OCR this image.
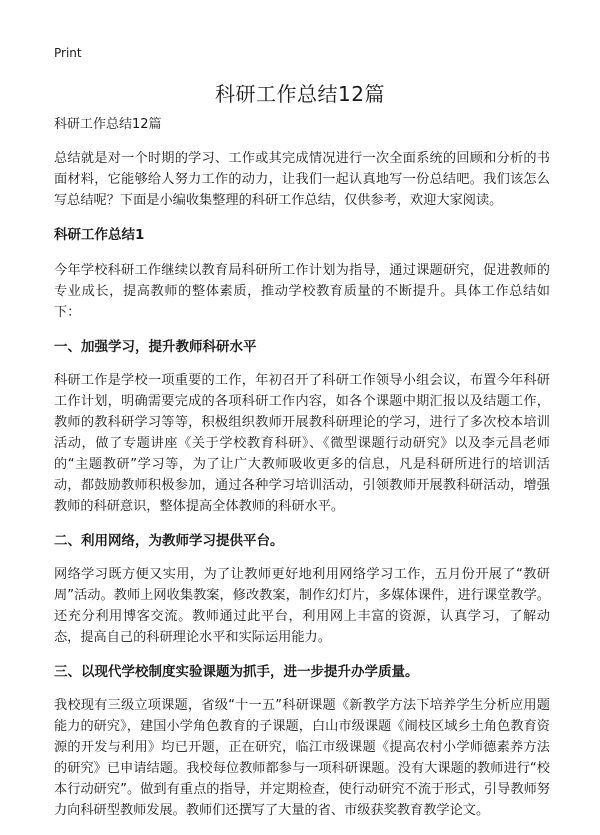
Print
科研工作总结12篇

科研工作总结12篇

总结就是对一个时期的学习、工作或其完成情况进行一次全面系统的回顾和分析的书面材料，它能够给人努力工作的动力，让我们一起认真地写一份总结吧。我们该怎么写总结呢？下面是小编收集整理的科研工作总结，仅供参考，欢迎大家阅读。

科研工作总结1

今年学校科研工作继续以教育局科研所工作计划为指导，通过课题研究，促进教师的专业成长，提高教师的整体素质，推动学校教育质量的不断提升。具体工作总结如下：

一、加强学习，提升教师科研水平

科研工作是学校一项重要的工作，年初召开了科研工作领导小组会议，布置今年科研工作计划，明确需要完成的各项科研工作内容，如各个课题中期汇报以及结题工作，教师的教科研学习等等，积极组织教师开展教科研理论的学习，进行了多次校本培训活动，做了专题讲座《关于学校教育科研》、《微型课题行动研究》以及李元昌老师的“主题教研”学习等，为了让广大教师吸收更多的信息，凡是科研所进行的培训活动，都鼓励教师积极参加，通过各种学习培训活动，引领教师开展教科研活动，增强教师的科研意识，整体提高全体教师的科研水平。

二、利用网络，为教师学习提供平台。

网络学习既方便又实用，为了让教师更好地利用网络学习工作，五月份开展了“教研周”活动。教师上网收集教案，修改教案，制作幻灯片，多媒体课件，进行课堂教学。还充分利用博客交流。教师通过此平台，利用网上丰富的资源，认真学习，了解动态，提高自己的科研理论水平和实际运用能力。

三、以现代学校制度实验课题为抓手，进一步提升办学质量。

我校现有三级立项课题，省级“十一五”科研课题《新教学方法下培养学生分析应用题能力的研究》，建国小学角色教育的子课题，白山市级课题《闹枝区域乡土角色教育资源的开发与利用》均已开题，正在研究，临江市级课题《提高农村小学师德素养方法的研究》已申请结题。我校每位教师都参与一项科研课题。没有大课题的教师进行“校本行动研究”。做到有重点的指导，并定期检查，使行动研究不流于形式，引导教师努力向科研型教师发展。教师们还撰写了大量的省、市级获奖教育教学论文。
